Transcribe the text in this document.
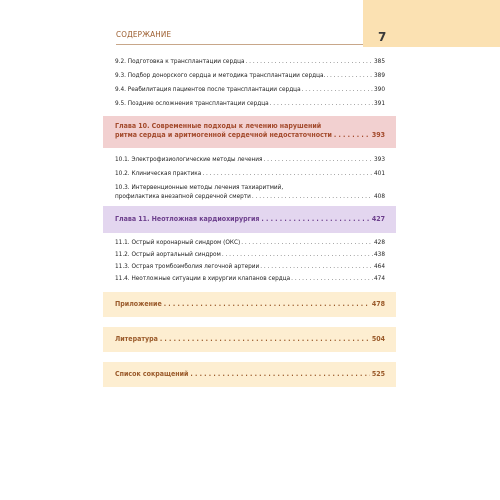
СОДЕРЖАНИЕ	7
9.2. Подготовка к трансплантации сердца . . .	385
9.3. Подбор донорского сердца и методика трансплантации сердца. . . .	389
9.4. Реабилитация пациентов после трансплантации сердца . . .	390
9.5. Поздние осложнения трансплантации сердца . . .	391
Глава 10. Современные подходы к лечению нарушений
ритма сердца и аритмогенной сердечной недостаточности . . .	393
10.1. Электрофизиологические методы лечения . . .	393
10.2. Клиническая практика . . .	401
10.3. Интервенционные методы лечения тахиаритмий,
профилактика внезапной сердечной смерти . . .	408
Глава 11. Неотложная кардиохирургия . . .	427
11.1. Острый коронарный синдром (ОКС) . . .	428
11.2. Острый аортальный синдром . . .	438
11.3. Острая тромбоэмболия легочной артерии . . .	464
11.4. Неотложные ситуации в хирургии клапанов сердца . . .	474
Приложение . . .	478
Литература . . .	504
Список сокращений . . .	525
